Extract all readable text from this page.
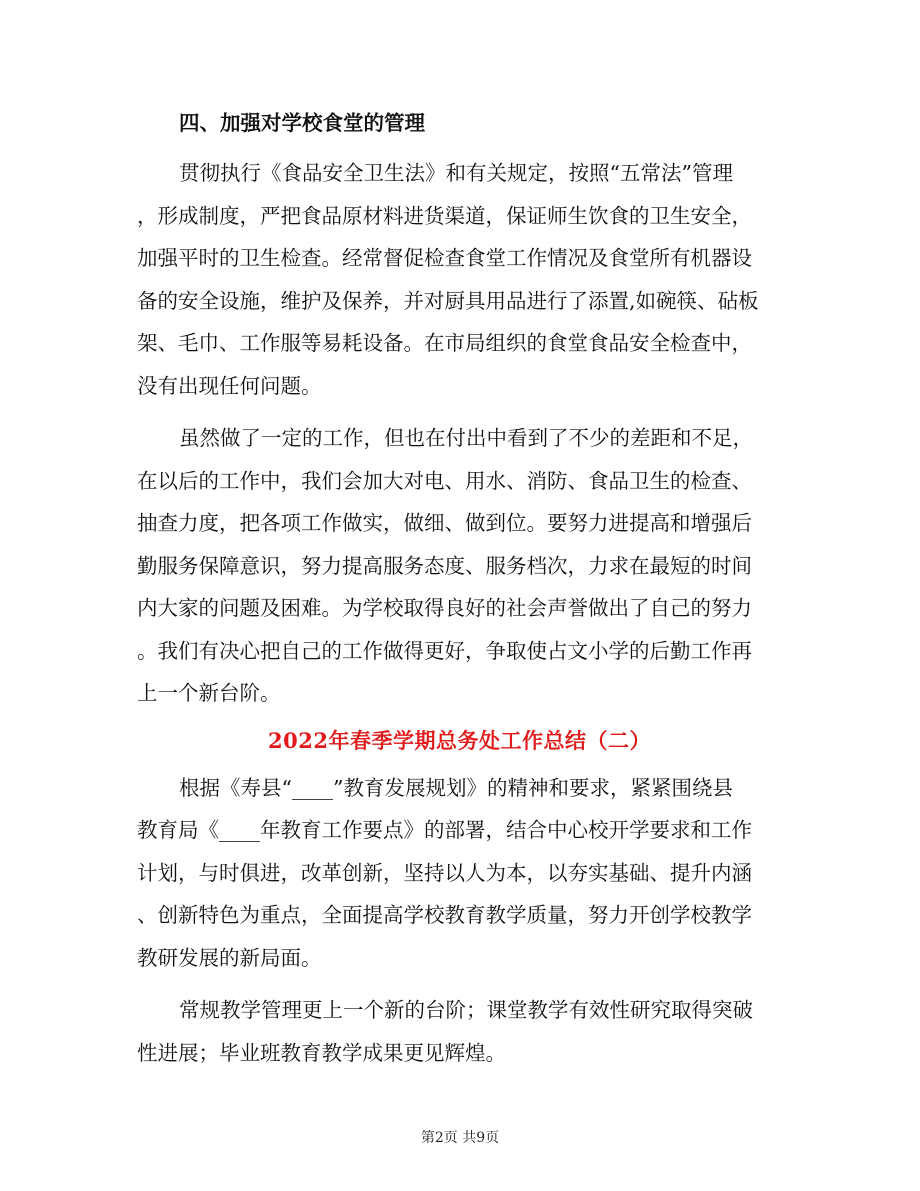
四、加强对学校食堂的管理

贯彻执行《食品安全卫生法》和有关规定，按照“五常法”管理
，形成制度，严把食品原材料进货渠道，保证师生饮食的卫生安全，
加强平时的卫生检查。经常督促检查食堂工作情况及食堂所有机器设
备的安全设施，维护及保养，并对厨具用品进行了添置,如碗筷、砧板
架、毛巾、工作服等易耗设备。在市局组织的食堂食品安全检查中，
没有出现任何问题。

虽然做了一定的工作，但也在付出中看到了不少的差距和不足，
在以后的工作中，我们会加大对电、用水、消防、食品卫生的检查、
抽查力度，把各项工作做实，做细、做到位。要努力进提高和增强后
勤服务保障意识，努力提高服务态度、服务档次，力求在最短的时间
内大家的问题及困难。为学校取得良好的社会声誉做出了自己的努力
。我们有决心把自己的工作做得更好，争取使占文小学的后勤工作再
上一个新台阶。

2022年春季学期总务处工作总结（二）

根据《寿县“____”教育发展规划》的精神和要求，紧紧围绕县
教育局《____年教育工作要点》的部署，结合中心校开学要求和工作
计划，与时俱进，改革创新，坚持以人为本，以夯实基础、提升内涵
、创新特色为重点，全面提高学校教育教学质量，努力开创学校教学
教研发展的新局面。

常规教学管理更上一个新的台阶；课堂教学有效性研究取得突破
性进展；毕业班教育教学成果更见辉煌。

第2页 共9页
